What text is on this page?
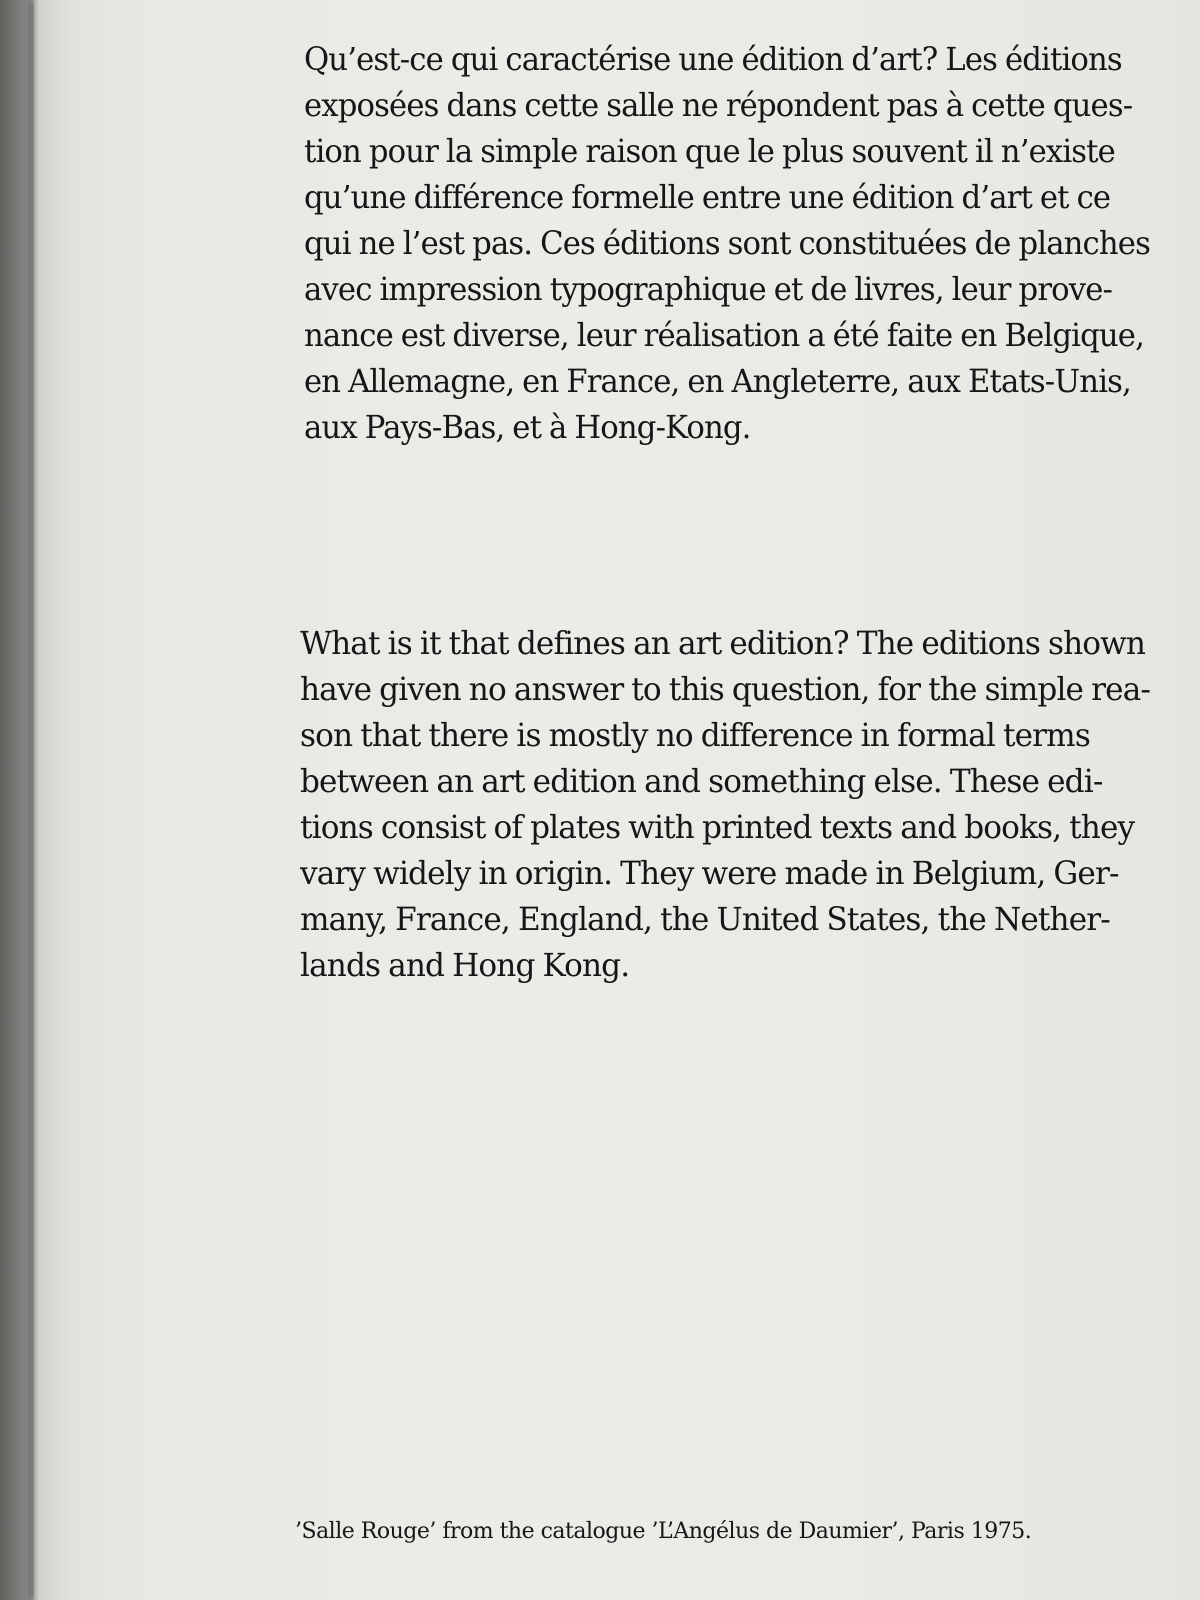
Qu’est-ce qui caractérise une édition d’art? Les éditions
exposées dans cette salle ne répondent pas à cette ques-
tion pour la simple raison que le plus souvent il n’existe
qu’une différence formelle entre une édition d’art et ce
qui ne l’est pas. Ces éditions sont constituées de planches
avec impression typographique et de livres, leur prove-
nance est diverse, leur réalisation a été faite en Belgique,
en Allemagne, en France, en Angleterre, aux Etats-Unis,
aux Pays-Bas, et à Hong-Kong.
What is it that defines an art edition? The editions shown
have given no answer to this question, for the simple rea-
son that there is mostly no difference in formal terms
between an art edition and something else. These edi-
tions consist of plates with printed texts and books, they
vary widely in origin. They were made in Belgium, Ger-
many, France, England, the United States, the Nether-
lands and Hong Kong.
’Salle Rouge’ from the catalogue ’L’Angélus de Daumier’, Paris 1975.
